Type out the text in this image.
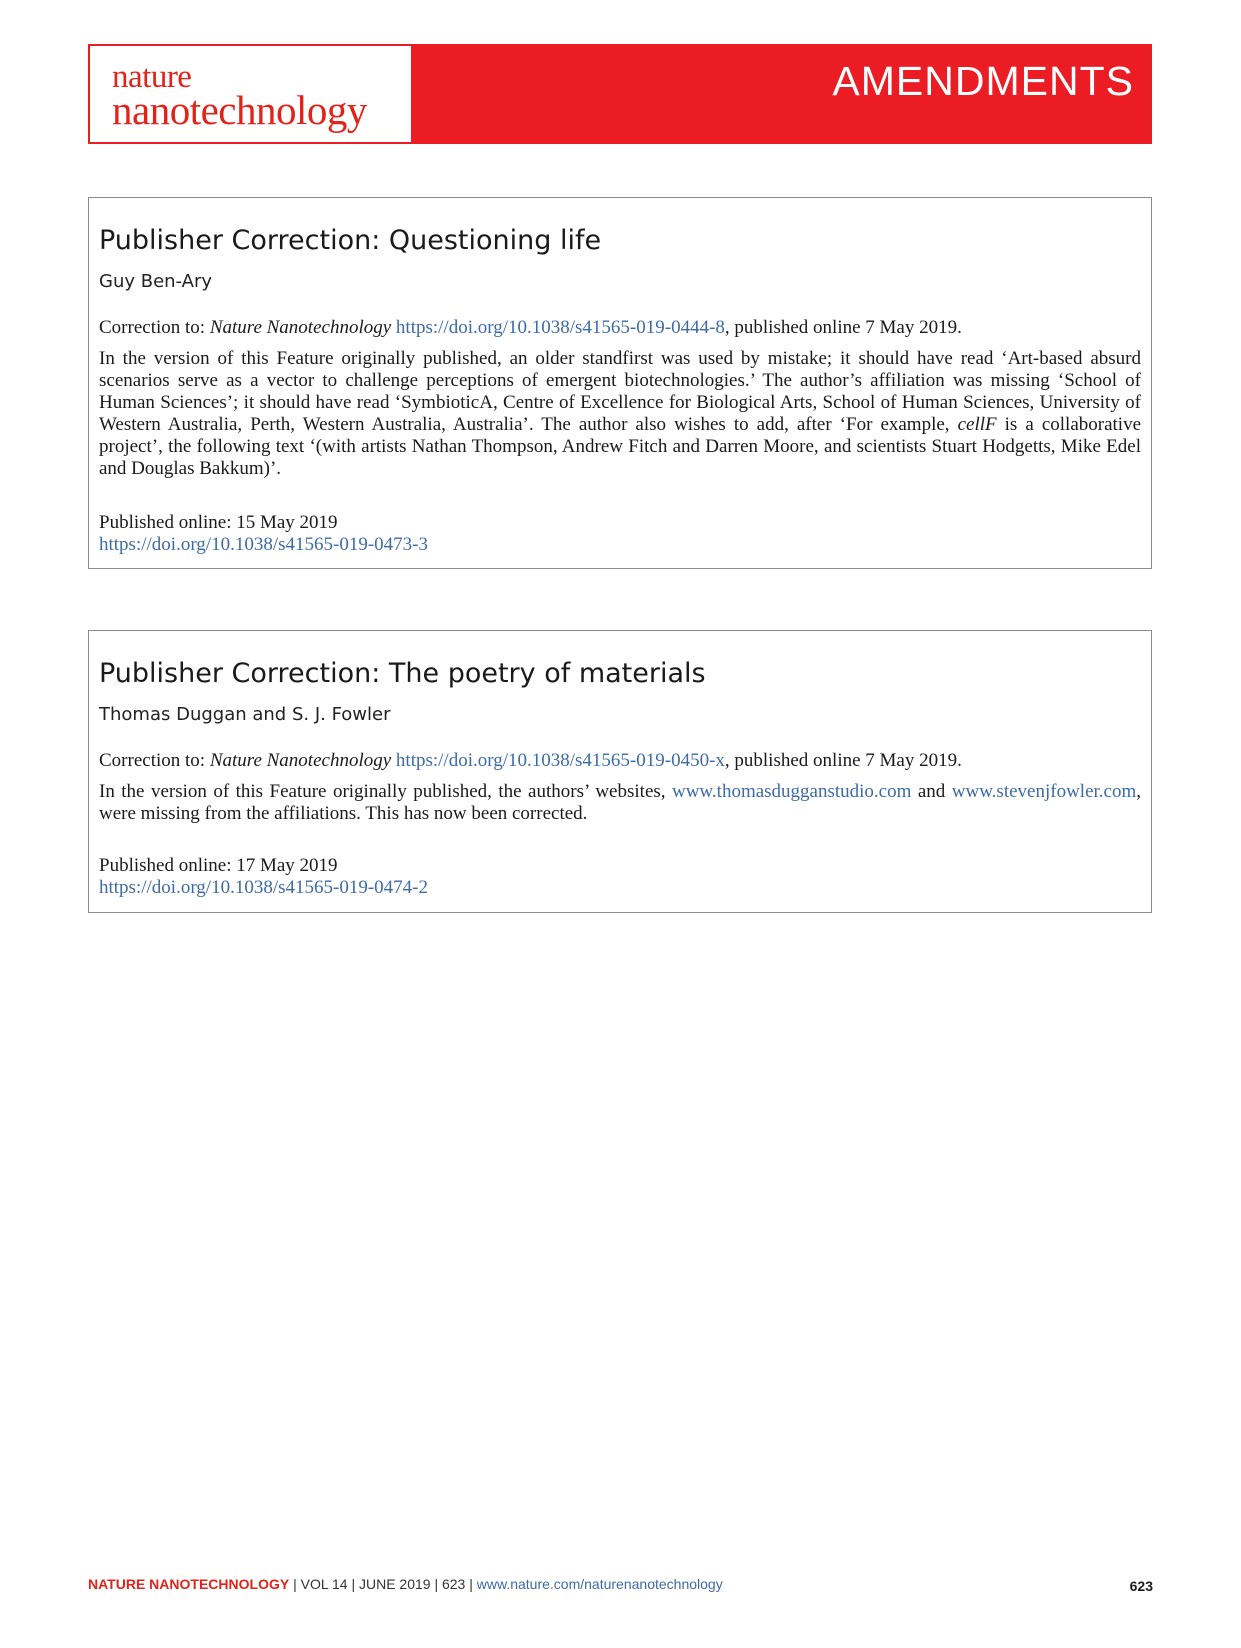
nature
nanotechnology
AMENDMENTS
Publisher Correction: Questioning life
Guy Ben-Ary
Correction to: Nature Nanotechnology https://doi.org/10.1038/s41565-019-0444-8, published online 7 May 2019.
In the version of this Feature originally published, an older standfirst was used by mistake; it should have read ‘Art-based absurd scenarios serve as a vector to challenge perceptions of emergent biotechnologies.’ The author’s affiliation was missing ‘School of Human Sciences’; it should have read ‘SymbioticA, Centre of Excellence for Biological Arts, School of Human Sciences, University of Western Australia, Perth, Western Australia, Australia’. The author also wishes to add, after ‘For example, cellF is a collaborative project’, the following text ‘(with artists Nathan Thompson, Andrew Fitch and Darren Moore, and scientists Stuart Hodgetts, Mike Edel and Douglas Bakkum)’.
Published online: 15 May 2019
https://doi.org/10.1038/s41565-019-0473-3
Publisher Correction: The poetry of materials
Thomas Duggan and S. J. Fowler
Correction to: Nature Nanotechnology https://doi.org/10.1038/s41565-019-0450-x, published online 7 May 2019.
In the version of this Feature originally published, the authors’ websites, www.thomasdugganstudio.com and www.stevenjfowler.com, were missing from the affiliations. This has now been corrected.
Published online: 17 May 2019
https://doi.org/10.1038/s41565-019-0474-2
NATURE NANOTECHNOLOGY | VOL 14 | JUNE 2019 | 623 | www.nature.com/naturenanotechnology	623
